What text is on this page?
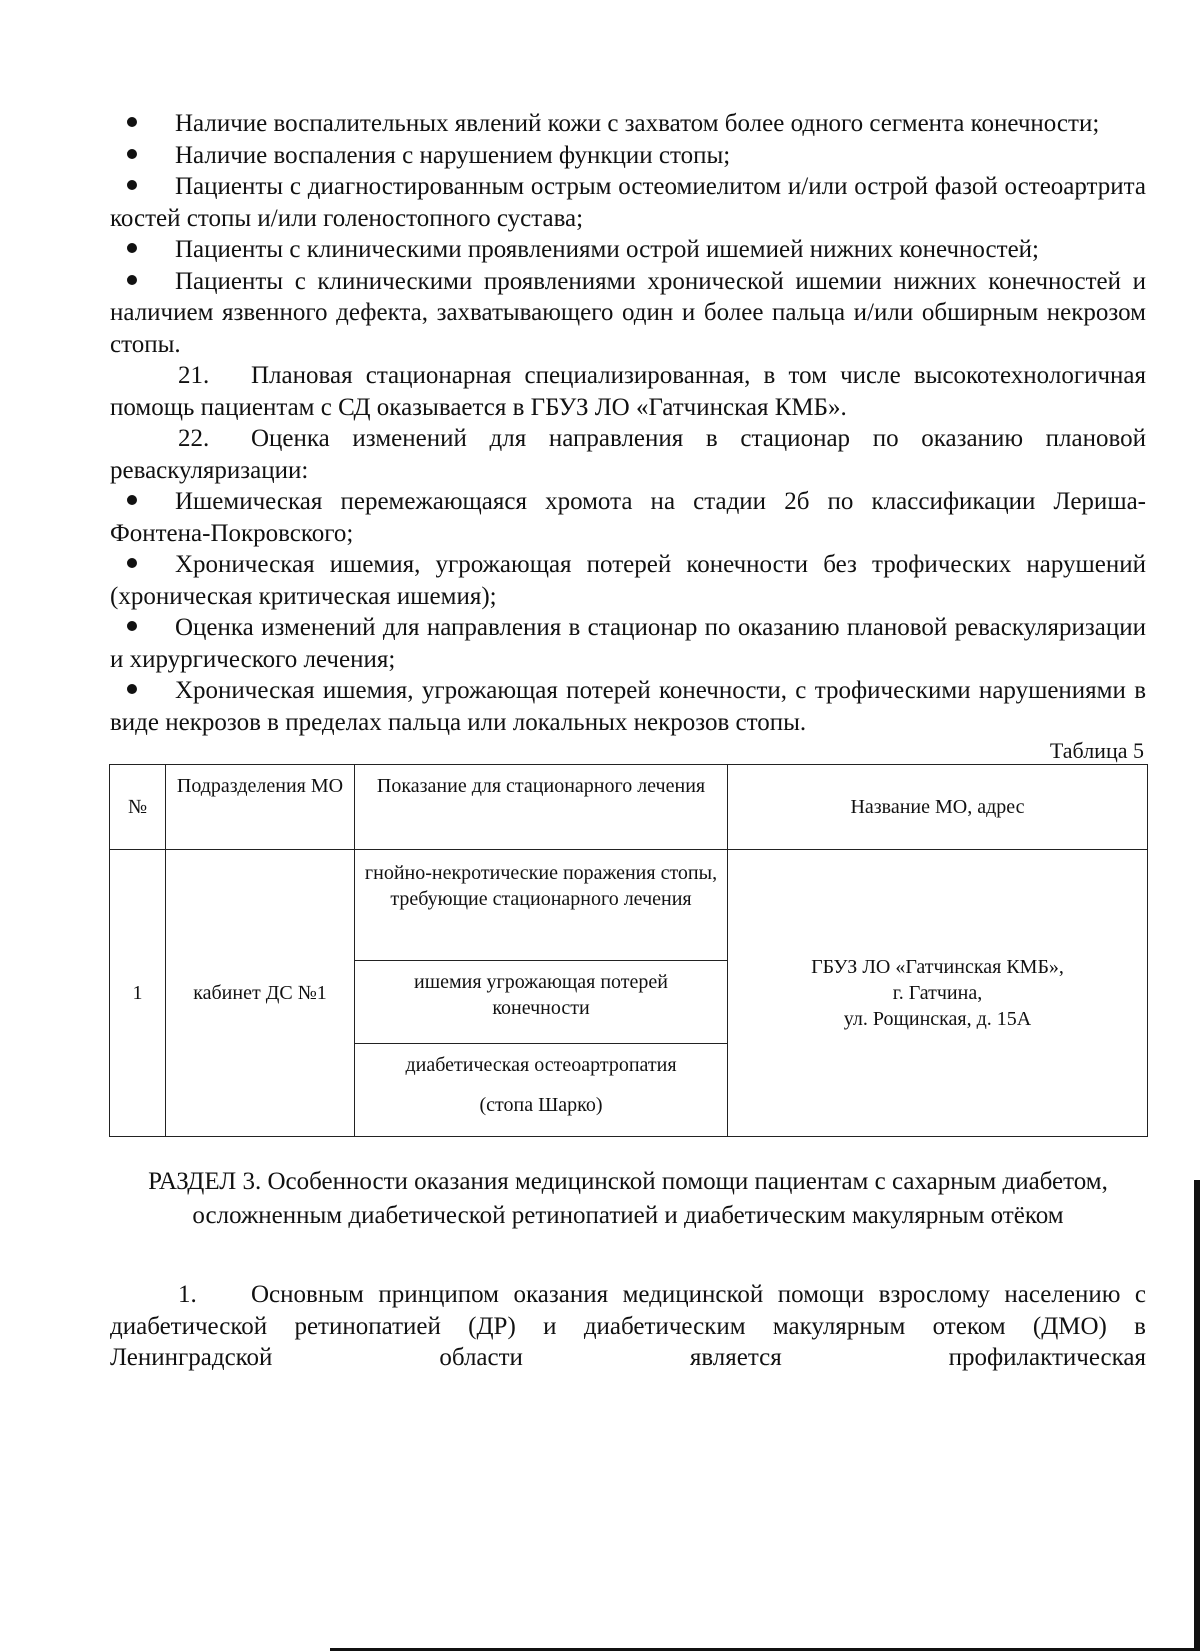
Наличие воспалительных явлений кожи с захватом более одного сегмента конечности;

Наличие воспаления с нарушением функции стопы;

Пациенты с диагностированным острым остеомиелитом и/или острой фазой остеоартрита костей стопы и/или голеностопного сустава;

Пациенты с клиническими проявлениями острой ишемией нижних конечностей;

Пациенты с клиническими проявлениями хронической ишемии нижних конечностей и наличием язвенного дефекта, захватывающего один и более пальца и/или обширным некрозом стопы.

21. Плановая стационарная специализированная, в том числе высокотехнологичная помощь пациентам с СД оказывается в ГБУЗ ЛО «Гатчинская КМБ».

22. Оценка изменений для направления в стационар по оказанию плановой реваскуляризации:

Ишемическая перемежающаяся хромота на стадии 2б по классификации Лериша-Фонтена-Покровского;

Хроническая ишемия, угрожающая потерей конечности без трофических нарушений (хроническая критическая ишемия);

Оценка изменений для направления в стационар по оказанию плановой реваскуляризации и хирургического лечения;

Хроническая ишемия, угрожающая потерей конечности, с трофическими нарушениями в виде некрозов в пределах пальца или локальных некрозов стопы.

Таблица 5
№	Подразделения МО	Показание для стационарного лечения	Название МО, адрес
1	кабинет ДС №1	гнойно-некротические поражения стопы, требующие стационарного лечения	ГБУЗ ЛО «Гатчинская КМБ»,
г. Гатчина,
ул. Рощинская, д. 15А
		ишемия угрожающая потерей конечности	
		диабетическая остеоартропатия
(стопа Шарко)	

РАЗДЕЛ 3. Особенности оказания медицинской помощи пациентам с сахарным диабетом, осложненным диабетической ретинопатией и диабетическим макулярным отёком

1. Основным принципом оказания медицинской помощи взрослому населению с диабетической ретинопатией (ДР) и диабетическим макулярным отеком (ДМО) в Ленинградской области является профилактическая
